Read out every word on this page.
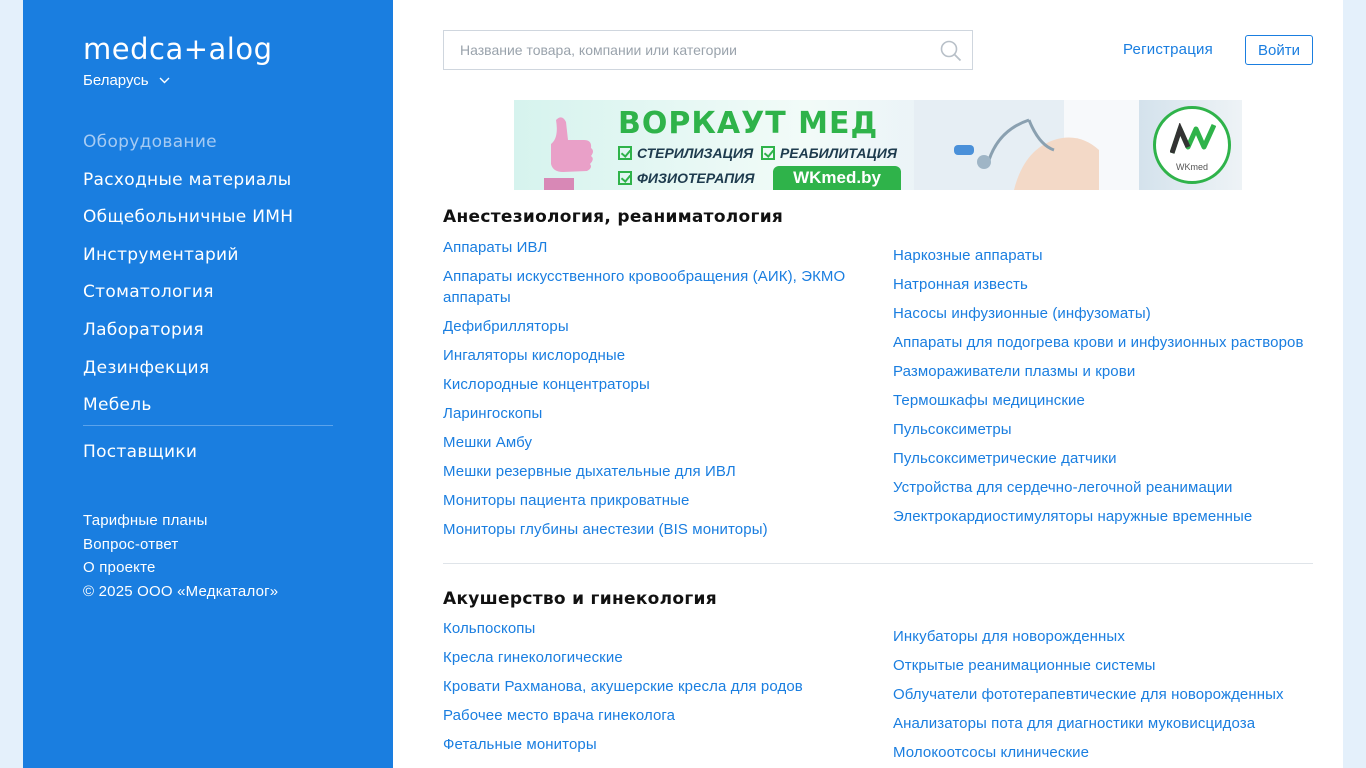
medca+alog
Беларусь
Оборудование
Расходные материалы
Общебольничные ИМН
Инструментарий
Стоматология
Лаборатория
Дезинфекция
Мебель
Поставщики
Тарифные планы
Вопрос-ответ
О проекте
© 2025 ООО «Медкаталог»
Название товара, компании или категории
Регистрация	Войти
ВОРКАУТ МЕД
СТЕРИЛИЗАЦИЯ РЕАБИЛИТАЦИЯ
ФИЗИОТЕРАПИЯ	WKmed.by
WKmed
Анестезиология, реаниматология
Аппараты ИВЛ
Аппараты искусственного кровообращения (АИК), ЭКМО аппараты
Дефибрилляторы
Ингаляторы кислородные
Кислородные концентраторы
Ларингоскопы
Мешки Амбу
Мешки резервные дыхательные для ИВЛ
Мониторы пациента прикроватные
Мониторы глубины анестезии (BIS мониторы)
Наркозные аппараты
Натронная известь
Насосы инфузионные (инфузоматы)
Аппараты для подогрева крови и инфузионных растворов
Размораживатели плазмы и крови
Термошкафы медицинские
Пульсоксиметры
Пульсоксиметрические датчики
Устройства для сердечно-легочной реанимации
Электрокардиостимуляторы наружные временные
Акушерство и гинекология
Кольпоскопы
Кресла гинекологические
Кровати Рахманова, акушерские кресла для родов
Рабочее место врача гинеколога
Фетальные мониторы
Инкубаторы для новорожденных
Открытые реанимационные системы
Облучатели фототерапевтические для новорожденных
Анализаторы пота для диагностики муковисцидоза
Молокоотсосы клинические
